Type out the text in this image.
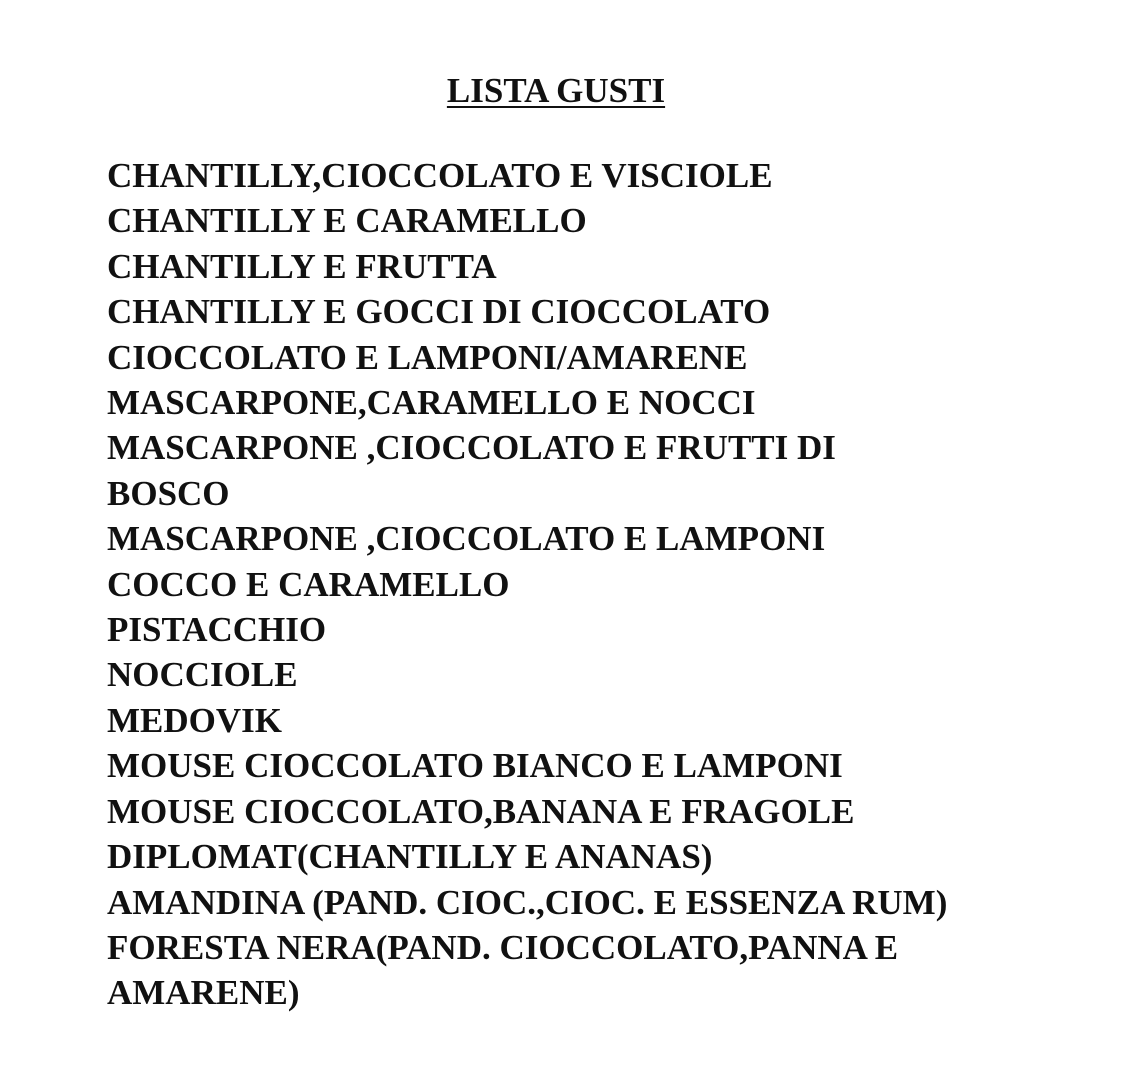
LISTA GUSTI
CHANTILLY,CIOCCOLATO E VISCIOLE
CHANTILLY E CARAMELLO
CHANTILLY E FRUTTA
CHANTILLY E GOCCI DI CIOCCOLATO
CIOCCOLATO E LAMPONI/AMARENE
MASCARPONE,CARAMELLO E NOCCI
MASCARPONE ,CIOCCOLATO E FRUTTI DI
BOSCO
MASCARPONE ,CIOCCOLATO E LAMPONI
COCCO E CARAMELLO
PISTACCHIO
NOCCIOLE
MEDOVIK
MOUSE CIOCCOLATO BIANCO E LAMPONI
MOUSE CIOCCOLATO,BANANA E FRAGOLE
DIPLOMAT(CHANTILLY E ANANAS)
AMANDINA (PAND. CIOC.,CIOC. E ESSENZA RUM)
FORESTA NERA(PAND. CIOCCOLATO,PANNA E
AMARENE)
